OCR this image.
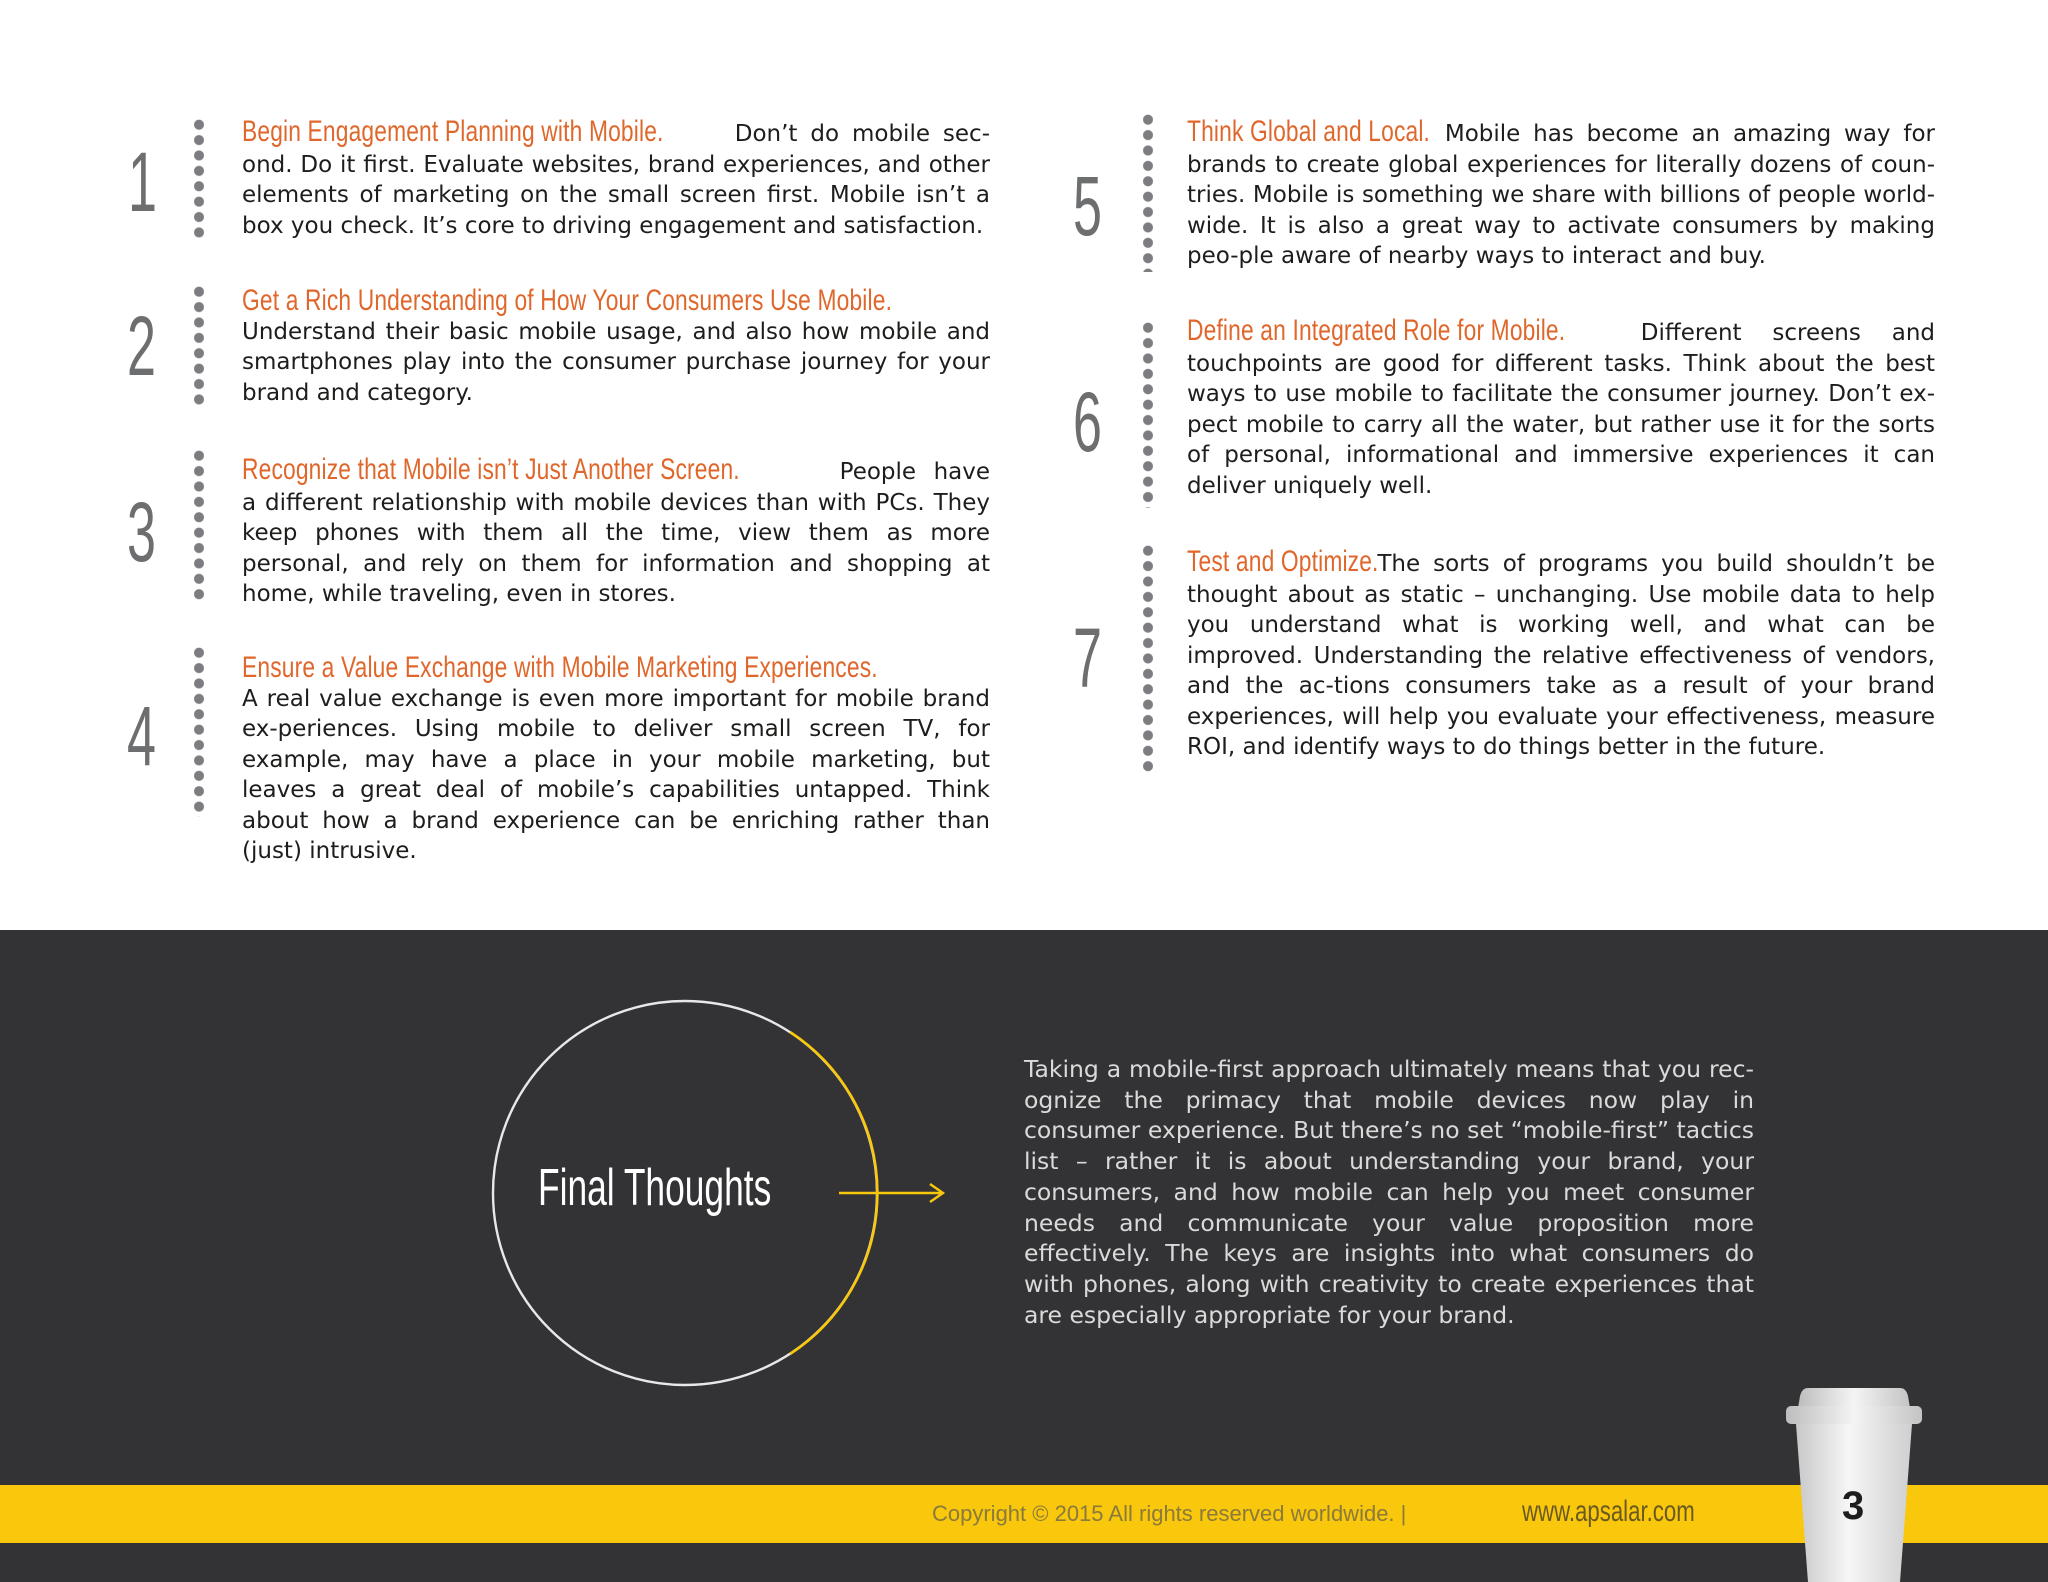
1

Begin Engagement Planning with Mobile.	Don’t do mobile sec-ond. Do it first. Evaluate websites, brand experiences, and other elements of marketing on the small screen first. Mobile isn’t a box you check. It’s core to driving engagement and satisfaction.

2	Get a Rich Understanding of How Your Consumers Use Mobile.
Understand their basic mobile usage, and also how mobile and smartphones play into the consumer purchase journey for your brand and category.

3

Recognize that Mobile isn’t Just Another Screen.	People have a different relationship with mobile devices than with PCs. They keep phones with them all the time, view them as more personal, and rely on them for information and shopping at home, while traveling, even in stores.

4

Ensure a Value Exchange with Mobile Marketing Experiences.
A real value exchange is even more important for mobile brand ex-periences. Using mobile to deliver small screen TV, for example, may have a place in your mobile marketing, but leaves a great deal of mobile’s capabilities untapped. Think about how a brand experience can be enriching rather than (just) intrusive.

5

Think Global and Local. Mobile has become an amazing way for brands to create global experiences for literally dozens of coun-tries. Mobile is something we share with billions of people world-wide. It is also a great way to activate consumers by making peo-ple aware of nearby ways to interact and buy.

6

Define an Integrated Role for Mobile.	Different screens and touchpoints are good for different tasks. Think about the best ways to use mobile to facilitate the consumer journey. Don’t ex-pect mobile to carry all the water, but rather use it for the sorts of personal, informational and immersive experiences it can deliver uniquely well.

7

Test and Optimize. The sorts of programs you build shouldn’t be thought about as static – unchanging. Use mobile data to help you understand what is working well, and what can be improved. Understanding the relative effectiveness of vendors, and the ac-tions consumers take as a result of your brand experiences, will help you evaluate your effectiveness, measure ROI, and identify ways to do things better in the future.

Final Thoughts

Taking a mobile-first approach ultimately means that you rec-ognize the primacy that mobile devices now play in consumer experience. But there’s no set “mobile-first” tactics list – rather it is about understanding your brand, your consumers, and how mobile can help you meet consumer needs and communicate your value proposition more effectively. The keys are insights into what consumers do with phones, along with creativity to create experiences that are especially appropriate for your brand.

Copyright © 2015 All rights reserved worldwide. |	www.apsalar.com	3
